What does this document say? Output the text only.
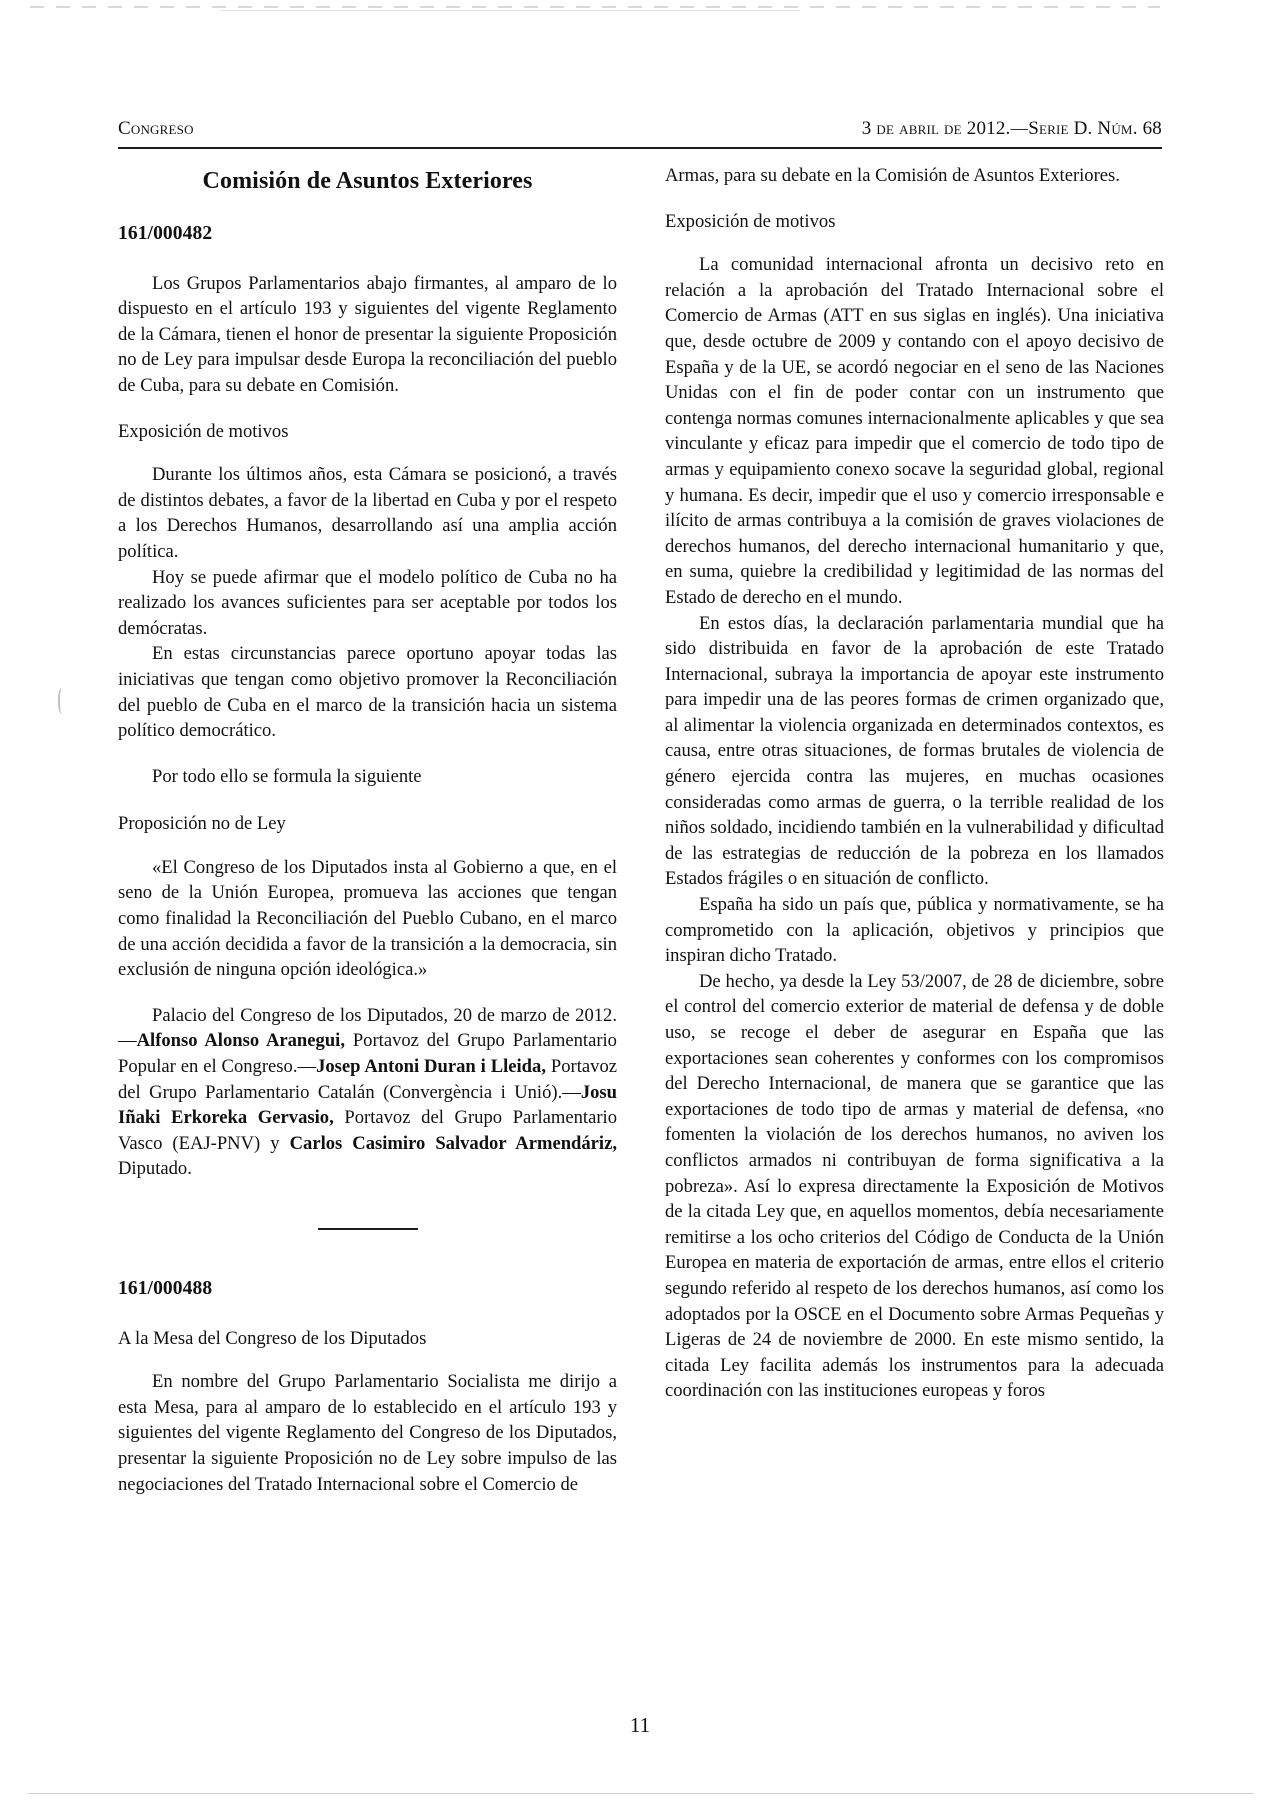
Congreso	3 de abril de 2012.—Serie D. Núm. 68
Comisión de Asuntos Exteriores

161/000482

Los Grupos Parlamentarios abajo firmantes, al amparo de lo dispuesto en el artículo 193 y siguientes del vigente Reglamento de la Cámara, tienen el honor de presentar la siguiente Proposición no de Ley para impulsar desde Europa la reconciliación del pueblo de Cuba, para su debate en Comisión.

Exposición de motivos

Durante los últimos años, esta Cámara se posicionó, a través de distintos debates, a favor de la libertad en Cuba y por el respeto a los Derechos Humanos, desarrollando así una amplia acción política.

Hoy se puede afirmar que el modelo político de Cuba no ha realizado los avances suficientes para ser aceptable por todos los demócratas.

En estas circunstancias parece oportuno apoyar todas las iniciativas que tengan como objetivo promover la Reconciliación del pueblo de Cuba en el marco de la transición hacia un sistema político democrático.

Por todo ello se formula la siguiente

Proposición no de Ley

«El Congreso de los Diputados insta al Gobierno a que, en el seno de la Unión Europea, promueva las acciones que tengan como finalidad la Reconciliación del Pueblo Cubano, en el marco de una acción decidida a favor de la transición a la democracia, sin exclusión de ninguna opción ideológica.»

Palacio del Congreso de los Diputados, 20 de marzo de 2012.—Alfonso Alonso Aranegui, Portavoz del Grupo Parlamentario Popular en el Congreso.—Josep Antoni Duran i Lleida, Portavoz del Grupo Parlamentario Catalán (Convergència i Unió).—Josu Iñaki Erkoreka Gervasio, Portavoz del Grupo Parlamentario Vasco (EAJ-PNV) y Carlos Casimiro Salvador Armendáriz, Diputado.

161/000488

A la Mesa del Congreso de los Diputados

En nombre del Grupo Parlamentario Socialista me dirijo a esta Mesa, para al amparo de lo establecido en el artículo 193 y siguientes del vigente Reglamento del Congreso de los Diputados, presentar la siguiente Proposición no de Ley sobre impulso de las negociaciones del Tratado Internacional sobre el Comercio de

Armas, para su debate en la Comisión de Asuntos Exteriores.

Exposición de motivos

La comunidad internacional afronta un decisivo reto en relación a la aprobación del Tratado Internacional sobre el Comercio de Armas (ATT en sus siglas en inglés). Una iniciativa que, desde octubre de 2009 y contando con el apoyo decisivo de España y de la UE, se acordó negociar en el seno de las Naciones Unidas con el fin de poder contar con un instrumento que contenga normas comunes internacionalmente aplicables y que sea vinculante y eficaz para impedir que el comercio de todo tipo de armas y equipamiento conexo socave la seguridad global, regional y humana. Es decir, impedir que el uso y comercio irresponsable e ilícito de armas contribuya a la comisión de graves violaciones de derechos humanos, del derecho internacional humanitario y que, en suma, quiebre la credibilidad y legitimidad de las normas del Estado de derecho en el mundo.

En estos días, la declaración parlamentaria mundial que ha sido distribuida en favor de la aprobación de este Tratado Internacional, subraya la importancia de apoyar este instrumento para impedir una de las peores formas de crimen organizado que, al alimentar la violencia organizada en determinados contextos, es causa, entre otras situaciones, de formas brutales de violencia de género ejercida contra las mujeres, en muchas ocasiones consideradas como armas de guerra, o la terrible realidad de los niños soldado, incidiendo también en la vulnerabilidad y dificultad de las estrategias de reducción de la pobreza en los llamados Estados frágiles o en situación de conflicto.

España ha sido un país que, pública y normativamente, se ha comprometido con la aplicación, objetivos y principios que inspiran dicho Tratado.

De hecho, ya desde la Ley 53/2007, de 28 de diciembre, sobre el control del comercio exterior de material de defensa y de doble uso, se recoge el deber de asegurar en España que las exportaciones sean coherentes y conformes con los compromisos del Derecho Internacional, de manera que se garantice que las exportaciones de todo tipo de armas y material de defensa, «no fomenten la violación de los derechos humanos, no aviven los conflictos armados ni contribuyan de forma significativa a la pobreza». Así lo expresa directamente la Exposición de Motivos de la citada Ley que, en aquellos momentos, debía necesariamente remitirse a los ocho criterios del Código de Conducta de la Unión Europea en materia de exportación de armas, entre ellos el criterio segundo referido al respeto de los derechos humanos, así como los adoptados por la OSCE en el Documento sobre Armas Pequeñas y Ligeras de 24 de noviembre de 2000. En este mismo sentido, la citada Ley facilita además los instrumentos para la adecuada coordinación con las instituciones europeas y foros

11
